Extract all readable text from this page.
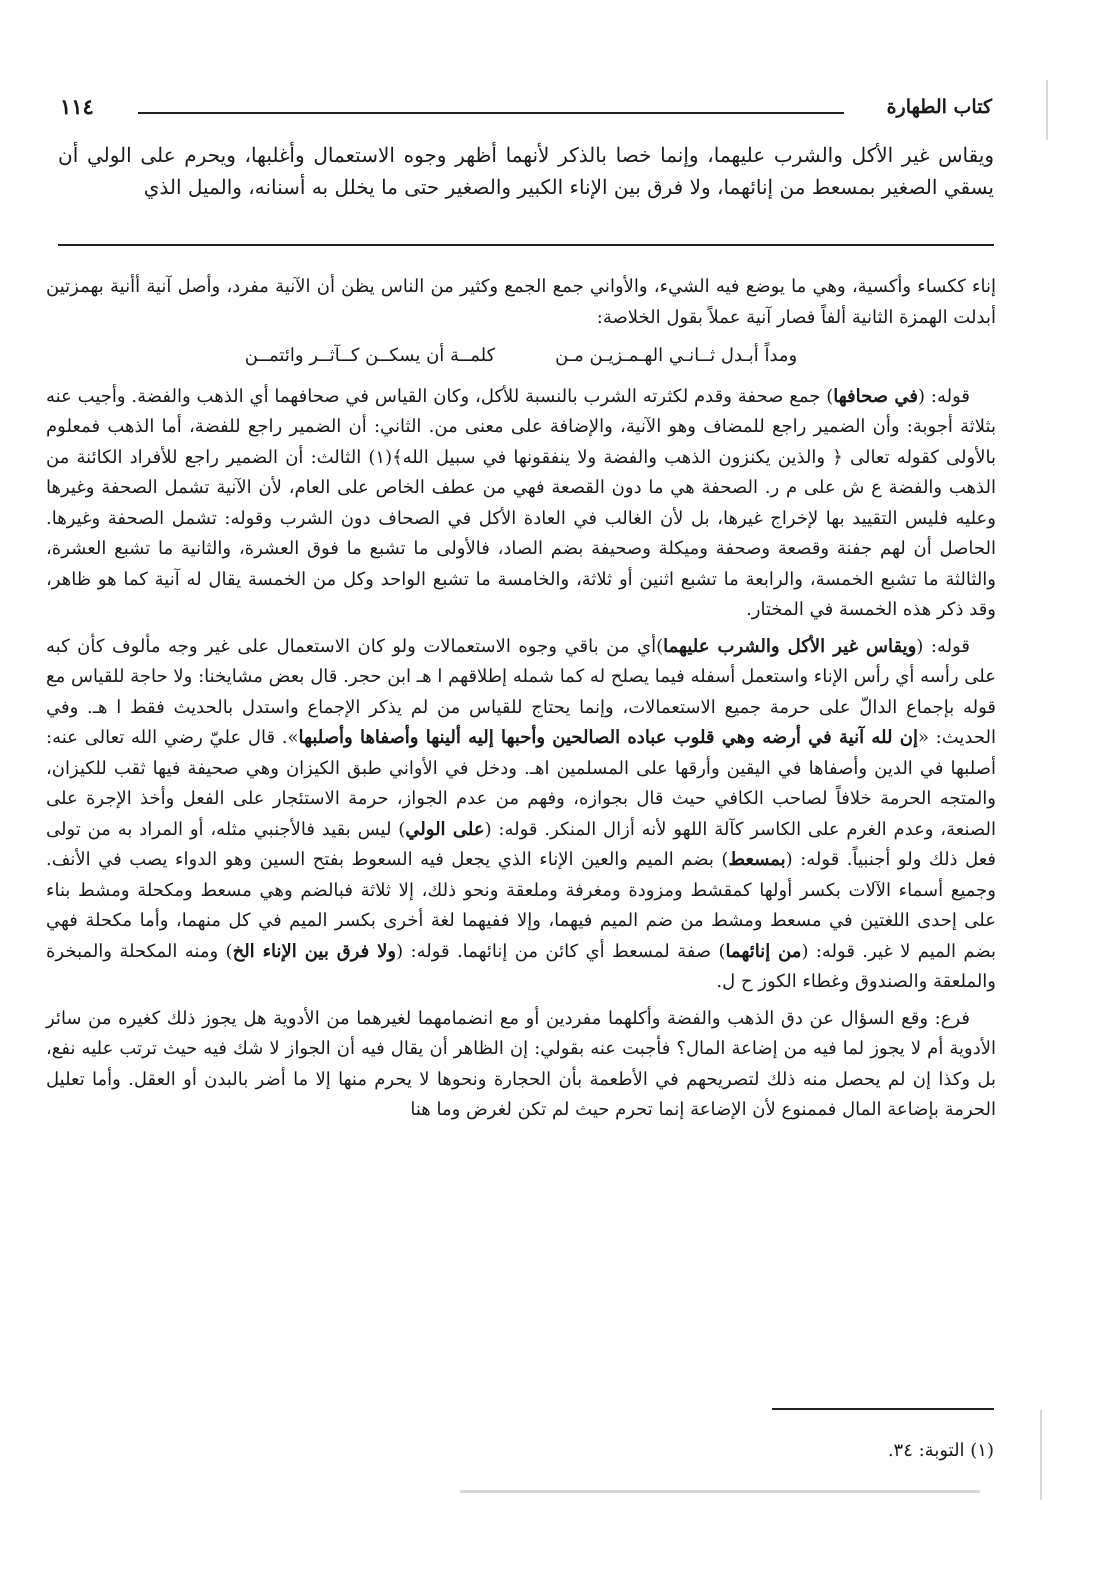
كتاب الطهارة
١١٤

ويقاس غير الأكل والشرب عليهما، وإنما خصا بالذكر لأنهما أظهر وجوه الاستعمال وأغلبها، ويحرم على الولي أن يسقي الصغير بمسعط من إنائهما، ولا فرق بين الإناء الكبير والصغير حتى ما يخلل به أسنانه، والميل الذي

إناء ككساء وأكسية، وهي ما يوضع فيه الشيء، والأواني جمع الجمع وكثير من الناس يظن أن الآنية مفرد، وأصل آنية أأنية بهمزتين أبدلت الهمزة الثانية ألفاً فصار آنية عملاً بقول الخلاصة:

ومداً أبـدل ثــانـي الهـمـزيـن مـن
كلمــة أن يسكــن كــآثــر وائتمــن

قوله: (في صحافها) جمع صحفة وقدم لكثرته الشرب بالنسبة للأكل، وكان القياس في صحافهما أي الذهب والفضة. وأجيب عنه بثلاثة أجوبة: وأن الضمير راجع للمضاف وهو الآنية، والإضافة على معنى من. الثاني: أن الضمير راجع للفضة، أما الذهب فمعلوم بالأولى كقوله تعالى ﴿ والذين يكنزون الذهب والفضة ولا ينفقونها في سبيل الله﴾(١) الثالث: أن الضمير راجع للأفراد الكائنة من الذهب والفضة ع ش على م ر. الصحفة هي ما دون القصعة فهي من عطف الخاص على العام، لأن الآنية تشمل الصحفة وغيرها وعليه فليس التقييد بها لإخراج غيرها، بل لأن الغالب في العادة الأكل في الصحاف دون الشرب وقوله: تشمل الصحفة وغيرها. الحاصل أن لهم جفنة وقصعة وصحفة وميكلة وصحيفة بضم الصاد، فالأولى ما تشبع ما فوق العشرة، والثانية ما تشبع العشرة، والثالثة ما تشبع الخمسة، والرابعة ما تشبع اثنين أو ثلاثة، والخامسة ما تشبع الواحد وكل من الخمسة يقال له آنية كما هو ظاهر، وقد ذكر هذه الخمسة في المختار.

قوله: (ويقاس غير الأكل والشرب عليهما)أي من باقي وجوه الاستعمالات ولو كان الاستعمال على غير وجه مألوف كأن كبه على رأسه أي رأس الإناء واستعمل أسفله فيما يصلح له كما شمله إطلاقهم ا هـ ابن حجر. قال بعض مشايخنا: ولا حاجة للقياس مع قوله بإجماع الدالّ على حرمة جميع الاستعمالات، وإنما يحتاج للقياس من لم يذكر الإجماع واستدل بالحديث فقط ا هـ. وفي الحديث: «إن لله آنية في أرضه وهي قلوب عباده الصالحين وأحبها إليه ألينها وأصفاها وأصلبها». قال عليّ رضي الله تعالى عنه: أصلبها في الدين وأصفاها في اليقين وأرقها على المسلمين اهـ. ودخل في الأواني طبق الكيزان وهي صحيفة فيها ثقب للكيزان، والمتجه الحرمة خلافاً لصاحب الكافي حيث قال بجوازه، وفهم من عدم الجواز، حرمة الاستئجار على الفعل وأخذ الإجرة على الصنعة، وعدم الغرم على الكاسر كآلة اللهو لأنه أزال المنكر. قوله: (على الولي) ليس بقيد فالأجنبي مثله، أو المراد به من تولى فعل ذلك ولو أجنبياً. قوله: (بمسعط) بضم الميم والعين الإناء الذي يجعل فيه السعوط بفتح السين وهو الدواء يصب في الأنف. وجميع أسماء الآلات بكسر أولها كمقشط ومزودة ومغرفة وملعقة ونحو ذلك، إلا ثلاثة فبالضم وهي مسعط ومكحلة ومشط بناء على إحدى اللغتين في مسعط ومشط من ضم الميم فيهما، وإلا ففيهما لغة أخرى بكسر الميم في كل منهما، وأما مكحلة فهي بضم الميم لا غير. قوله: (من إنائهما) صفة لمسعط أي كائن من إنائهما. قوله: (ولا فرق بين الإناء الخ) ومنه المكحلة والمبخرة والملعقة والصندوق وغطاء الكوز ح ل.

فرع: وقع السؤال عن دق الذهب والفضة وأكلهما مفردين أو مع انضمامهما لغيرهما من الأدوية هل يجوز ذلك كغيره من سائر الأدوية أم لا يجوز لما فيه من إضاعة المال؟ فأجبت عنه بقولي: إن الظاهر أن يقال فيه أن الجواز لا شك فيه حيث ترتب عليه نفع، بل وكذا إن لم يحصل منه ذلك لتصريحهم في الأطعمة بأن الحجارة ونحوها لا يحرم منها إلا ما أضر بالبدن أو العقل. وأما تعليل الحرمة بإضاعة المال فممنوع لأن الإضاعة إنما تحرم حيث لم تكن لغرض وما هنا

(١) التوبة: ٣٤.
